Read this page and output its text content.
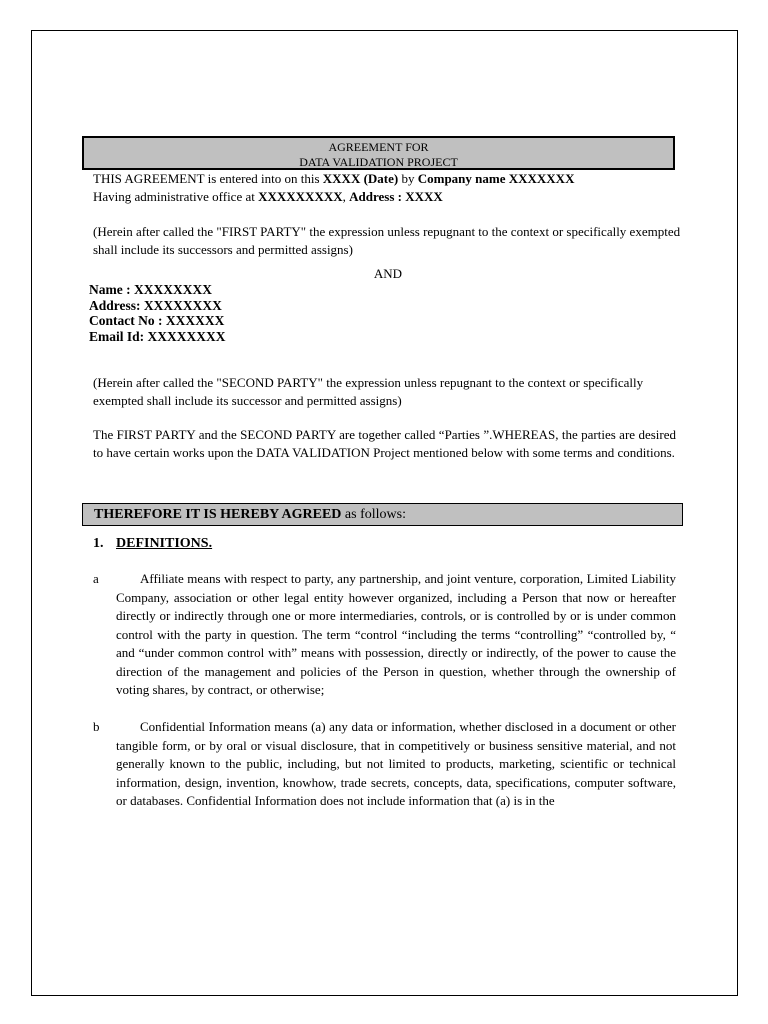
AGREEMENT FOR
DATA VALIDATION PROJECT
THIS AGREEMENT is entered into on this XXXX (Date) by Company name XXXXXXX
Having administrative office at XXXXXXXXX, Address : XXXX
(Herein after called the "FIRST PARTY" the expression unless repugnant to the context or specifically exempted shall include its successors and permitted assigns)
AND
Name : XXXXXXXX
Address: XXXXXXXX
Contact No : XXXXXX
Email Id: XXXXXXXX
(Herein after called the "SECOND PARTY" the expression unless repugnant to the context or specifically exempted shall include its successor and permitted assigns)
The FIRST PARTY and the SECOND PARTY are together called “Parties ”.WHEREAS, the parties are desired to have certain works upon the DATA VALIDATION Project mentioned below with some terms and conditions.
THEREFORE IT IS HEREBY AGREED as follows:
1. DEFINITIONS.
a	Affiliate means with respect to party, any partnership, and joint venture, corporation, Limited Liability Company, association or other legal entity however organized, including a Person that now or hereafter directly or indirectly through one or more intermediaries, controls, or is controlled by or is under common control with the party in question. The term “control “including the terms “controlling” “controlled by, “ and “under common control with” means with possession, directly or indirectly, of the power to cause the direction of the management and policies of the Person in question, whether through the ownership of voting shares, by contract, or otherwise;
b	Confidential Information means (a) any data or information, whether disclosed in a document or other tangible form, or by oral or visual disclosure, that in competitively or business sensitive material, and not generally known to the public, including, but not limited to products, marketing, scientific or technical information, design, invention, knowhow, trade secrets, concepts, data, specifications, computer software, or databases. Confidential Information does not include information that (a) is in the
